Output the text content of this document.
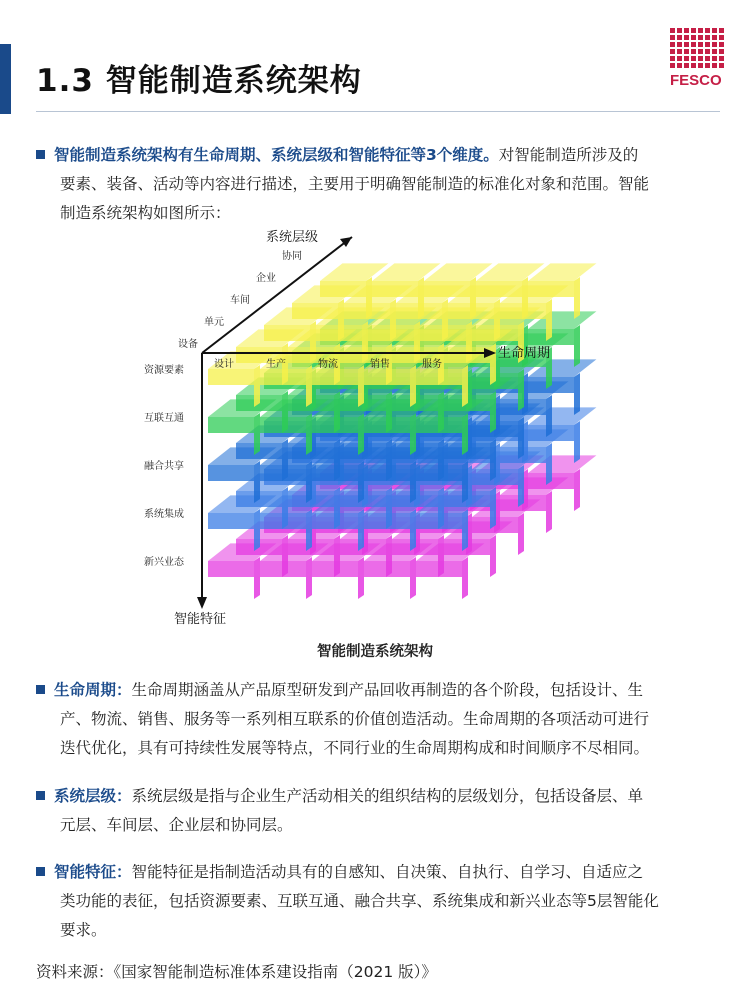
1.3 智能制造系统架构	FESCO
智能制造系统架构有生命周期、系统层级和智能特征等3个维度。对智能制造所涉及的
要素、装备、活动等内容进行描述，主要用于明确智能制造的标准化对象和范围。智能
制造系统架构如图所示：
系统层级
生命周期
智能特征
设备
单元
车间
企业
协同
设计	生产	物流	销售	服务
资源要素
互联互通
融合共享
系统集成
新兴业态

智能制造系统架构

生命周期：生命周期涵盖从产品原型研发到产品回收再制造的各个阶段，包括设计、生
产、物流、销售、服务等一系列相互联系的价值创造活动。生命周期的各项活动可进行
迭代优化，具有可持续性发展等特点，不同行业的生命周期构成和时间顺序不尽相同。
系统层级：系统层级是指与企业生产活动相关的组织结构的层级划分，包括设备层、单
元层、车间层、企业层和协同层。
智能特征：智能特征是指制造活动具有的自感知、自决策、自执行、自学习、自适应之
类功能的表征，包括资源要素、互联互通、融合共享、系统集成和新兴业态等5层智能化
要求。

资料来源：《国家智能制造标准体系建设指南（2021 版）》
